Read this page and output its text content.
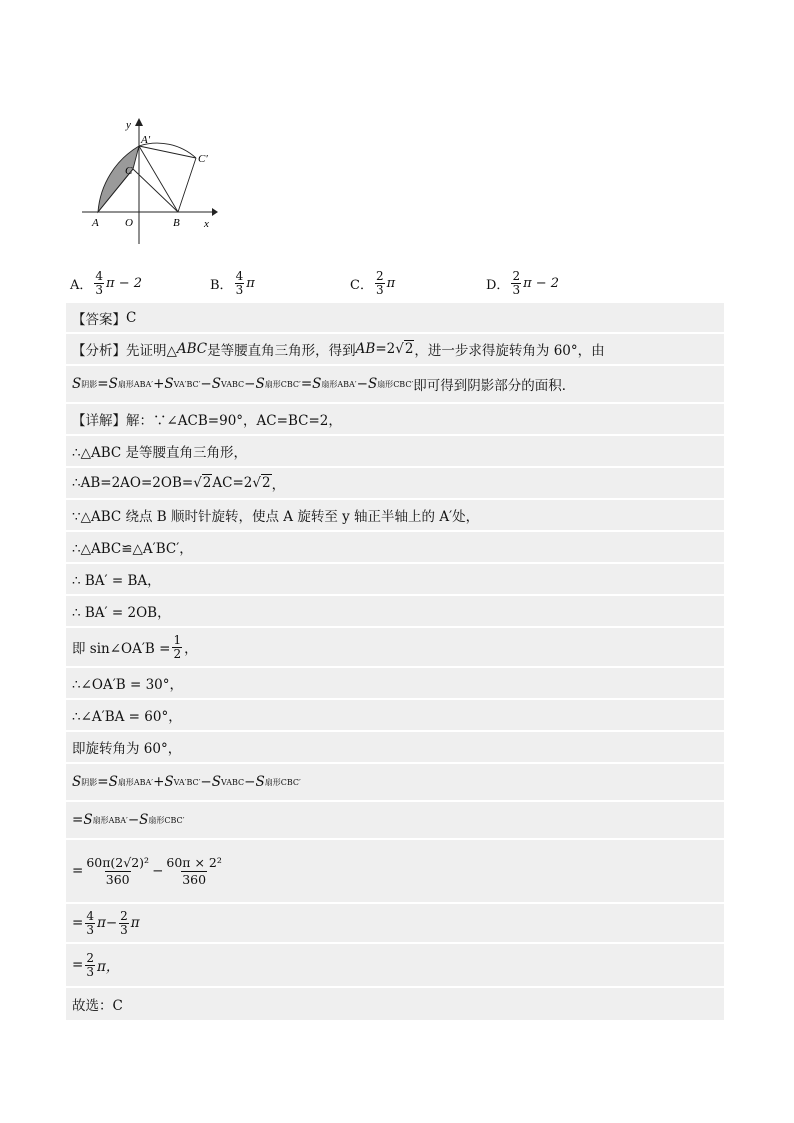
y
x
A O	B
C
A′
C′
A． $\frac{4}{3}$ π − 2	B． $\frac{4}{3}$ π	C． $\frac{2}{3}$ π	D． $\frac{2}{3}$ π − 2
【答案】 C
【分析】 先证明△ ABC 是等腰直角三角形，得到 AB =2 √2 ，进一步求得旋转角为 60°，由
S 阴影 = S 扇形ABA′ + S VA′BC′ − S VABC − S 扇形CBC′ = S 扇形ABA′ − S 扇形CBC′ 即可得到阴影部分的面积．
【详解】 解：∵∠ACB=90°，AC=BC=2，
∴△ABC 是等腰直角三角形，
∴AB=2AO=2OB= √2 AC=2 √2 ，
∵△ABC 绕点 B 顺时针旋转，使点 A 旋转至 y 轴正半轴上的 A′处，
∴△ABC≌△A′BC′，
∴ BA′ = BA，
∴ BA′ = 2OB，
即 sin∠OA′B = $\frac{1}{2}$ ，
∴∠OA′B = 30°，
∴∠A′BA = 60°，
即旋转角为 60°，
S 阴影 = S 扇形ABA′ + S VA′BC′ − S VABC − S 扇形CBC′
= S 扇形ABA′ − S 扇形CBC′
= $\frac{\text{60π(2√2)²}}{360} - \frac{\text{60π × 2²}}{360}$
= $\frac{4}{3}$ $\pi - \frac{2}{3}$ π
= $\frac{2}{3}$ π，
故选：C
